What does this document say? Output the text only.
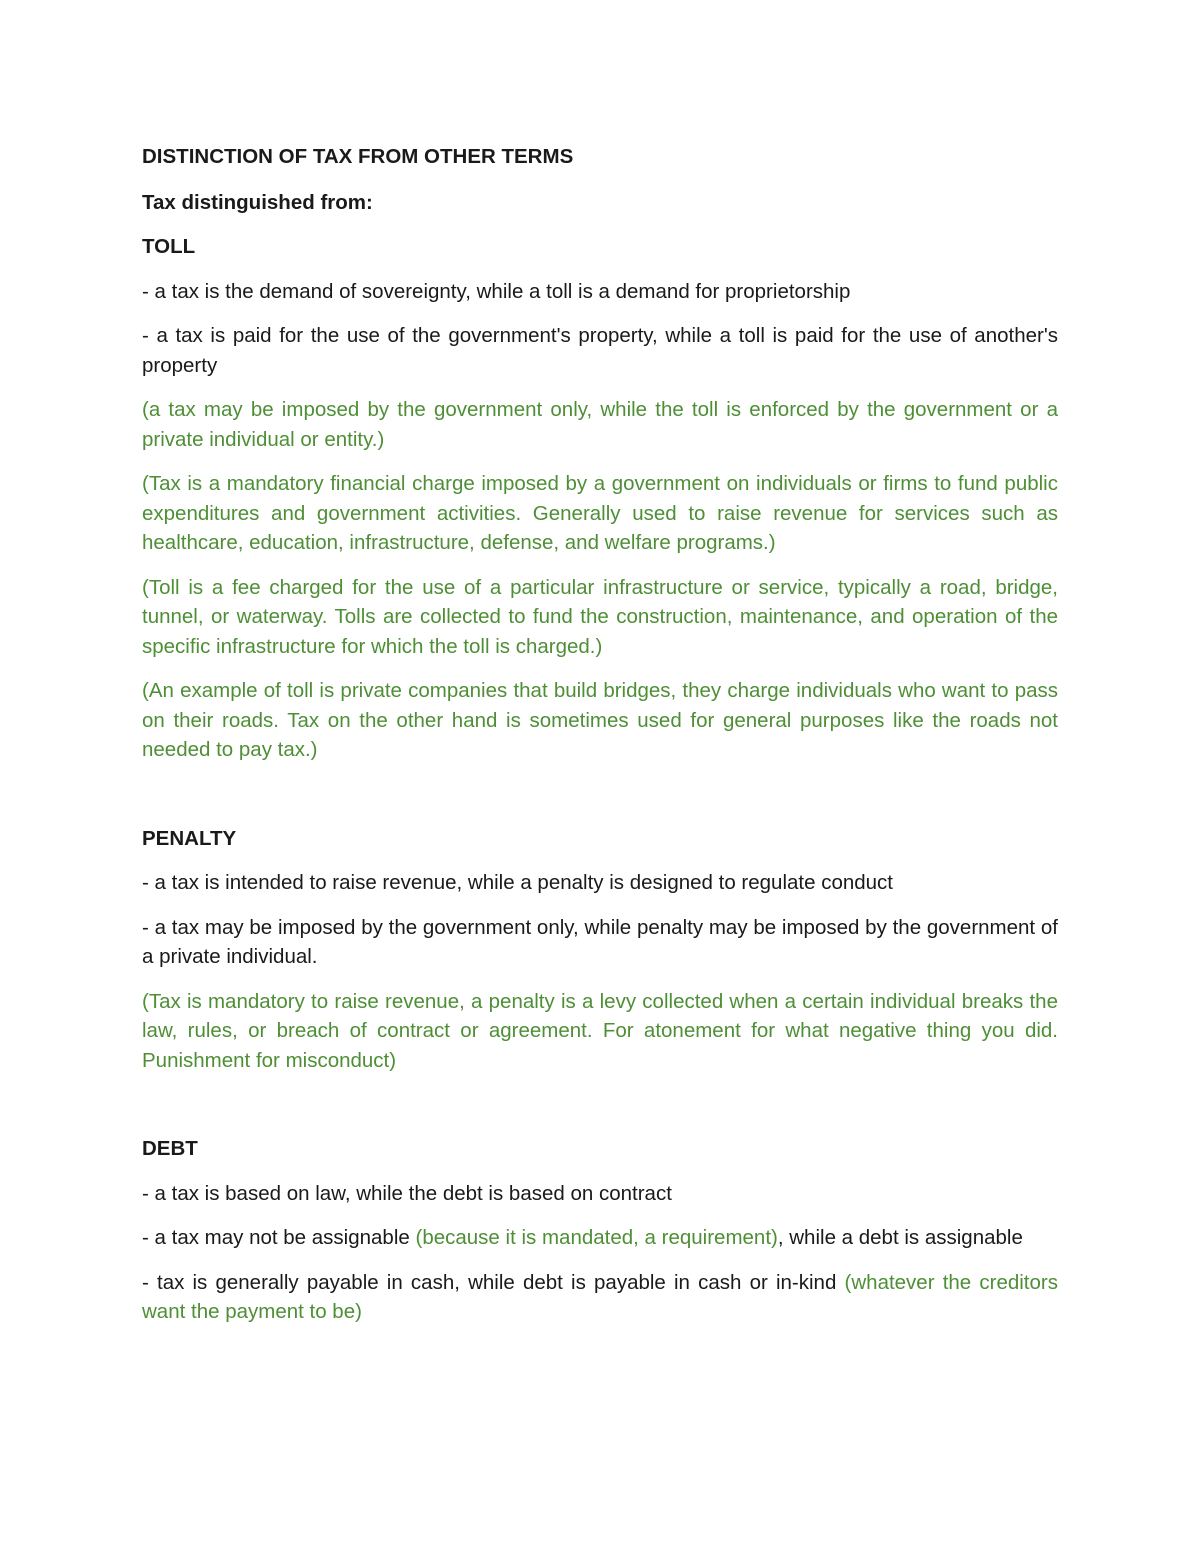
DISTINCTION OF TAX FROM OTHER TERMS
Tax distinguished from:
TOLL

- a tax is the demand of sovereignty, while a toll is a demand for proprietorship

- a tax is paid for the use of the government's property, while a toll is paid for the use of another's property

(a tax may be imposed by the government only, while the toll is enforced by the government or a private individual or entity.)

(Tax is a mandatory financial charge imposed by a government on individuals or firms to fund public expenditures and government activities. Generally used to raise revenue for services such as healthcare, education, infrastructure, defense, and welfare programs.)

(Toll is a fee charged for the use of a particular infrastructure or service, typically a road, bridge, tunnel, or waterway. Tolls are collected to fund the construction, maintenance, and operation of the specific infrastructure for which the toll is charged.)

(An example of toll is private companies that build bridges, they charge individuals who want to pass on their roads. Tax on the other hand is sometimes used for general purposes like the roads not needed to pay tax.)

PENALTY

- a tax is intended to raise revenue, while a penalty is designed to regulate conduct

- a tax may be imposed by the government only, while penalty may be imposed by the government of a private individual.

(Tax is mandatory to raise revenue, a penalty is a levy collected when a certain individual breaks the law, rules, or breach of contract or agreement. For atonement for what negative thing you did. Punishment for misconduct)

DEBT

- a tax is based on law, while the debt is based on contract

- a tax may not be assignable (because it is mandated, a requirement), while a debt is assignable

- tax is generally payable in cash, while debt is payable in cash or in-kind (whatever the creditors want the payment to be)
